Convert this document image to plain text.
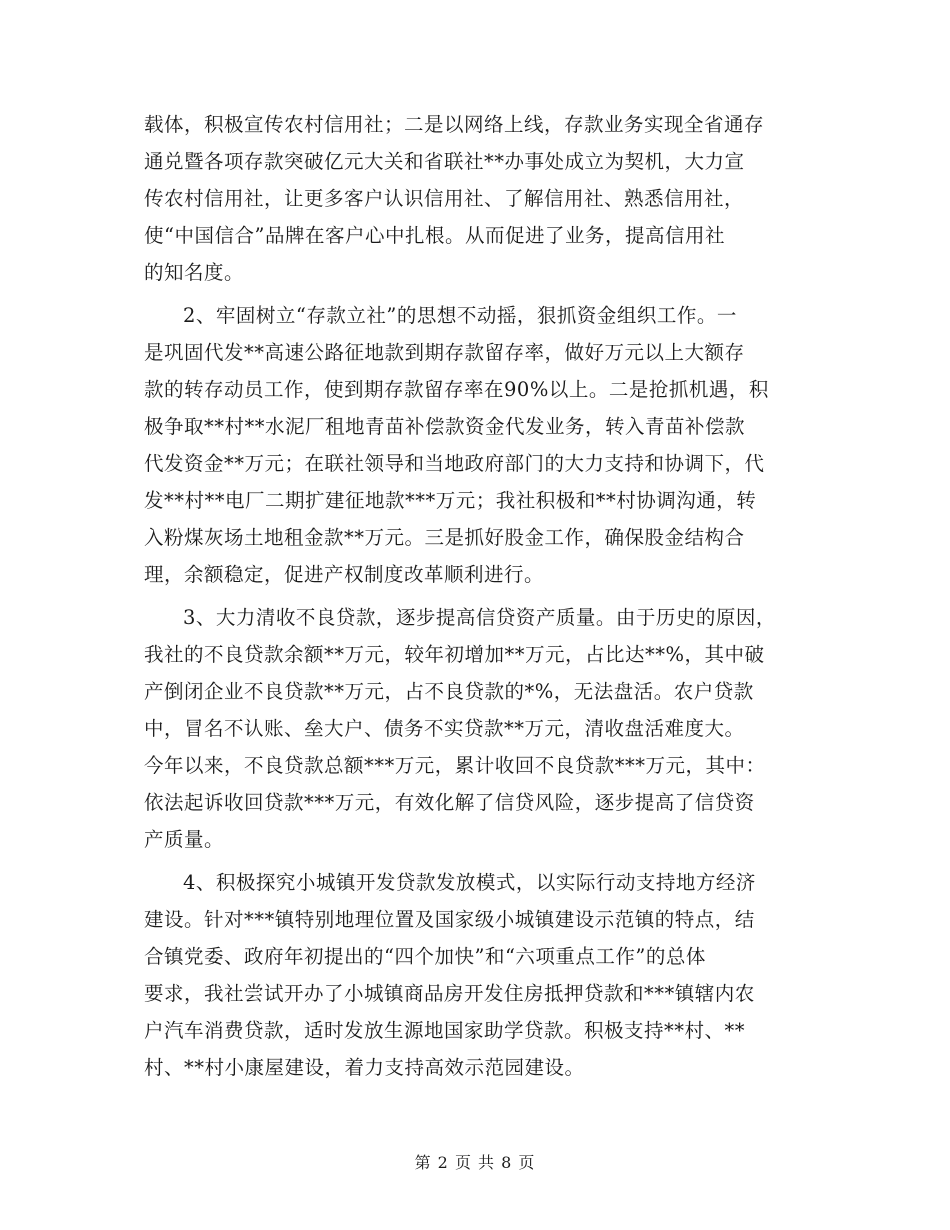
载体，积极宣传农村信用社；二是以网络上线，存款业务实现全省通存
通兑暨各项存款突破亿元大关和省联社**办事处成立为契机，大力宣
传农村信用社，让更多客户认识信用社、了解信用社、熟悉信用社，
使“中国信合”品牌在客户心中扎根。从而促进了业务，提高信用社
的知名度。
2、牢固树立“存款立社”的思想不动摇，狠抓资金组织工作。一
是巩固代发**高速公路征地款到期存款留存率，做好万元以上大额存
款的转存动员工作，使到期存款留存率在90%以上。二是抢抓机遇，积
极争取**村**水泥厂租地青苗补偿款资金代发业务，转入青苗补偿款
代发资金**万元；在联社领导和当地政府部门的大力支持和协调下，代
发**村**电厂二期扩建征地款***万元；我社积极和**村协调沟通，转
入粉煤灰场土地租金款**万元。三是抓好股金工作，确保股金结构合
理，余额稳定，促进产权制度改革顺利进行。
3、大力清收不良贷款，逐步提高信贷资产质量。由于历史的原因，
我社的不良贷款余额**万元，较年初增加**万元，占比达**%，其中破
产倒闭企业不良贷款**万元，占不良贷款的*%，无法盘活。农户贷款
中，冒名不认账、垒大户、债务不实贷款**万元，清收盘活难度大。
今年以来，不良贷款总额***万元，累计收回不良贷款***万元，其中：
依法起诉收回贷款***万元，有效化解了信贷风险，逐步提高了信贷资
产质量。
4、积极探究小城镇开发贷款发放模式，以实际行动支持地方经济
建设。针对***镇特别地理位置及国家级小城镇建设示范镇的特点，结
合镇党委、政府年初提出的“四个加快”和“六项重点工作”的总体
要求，我社尝试开办了小城镇商品房开发住房抵押贷款和***镇辖内农
户汽车消费贷款，适时发放生源地国家助学贷款。积极支持**村、**
村、**村小康屋建设，着力支持高效示范园建设。
第 2 页 共 8 页
